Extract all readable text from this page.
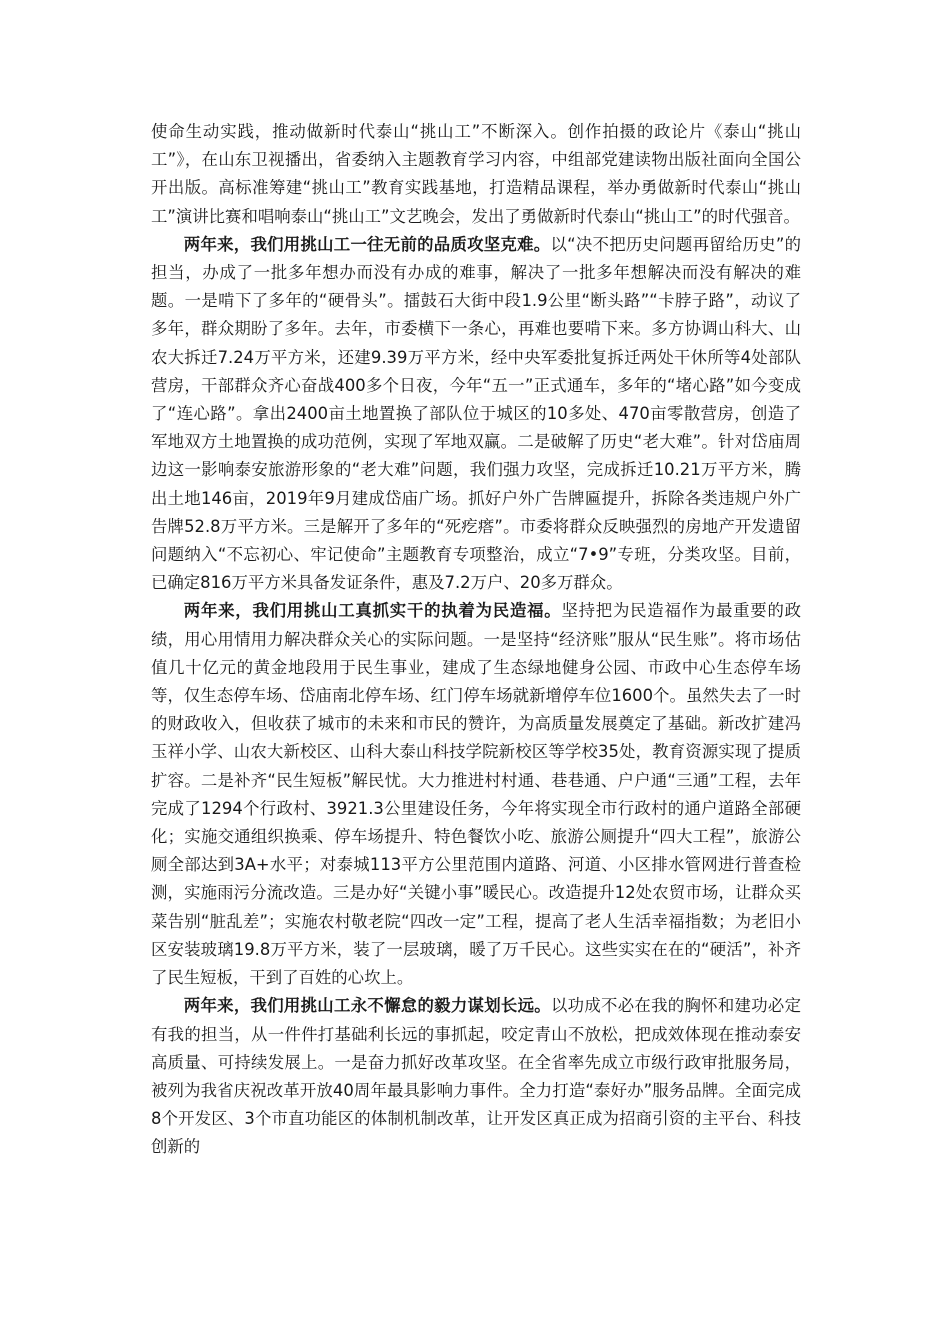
使命生动实践，推动做新时代泰山“挑山工”不断深入。创作拍摄的政论片《泰山“挑山工”》，在山东卫视播出，省委纳入主题教育学习内容，中组部党建读物出版社面向全国公开出版。高标准筹建“挑山工”教育实践基地，打造精品课程，举办勇做新时代泰山“挑山工”演讲比赛和唱响泰山“挑山工”文艺晚会，发出了勇做新时代泰山“挑山工”的时代强音。

两年来，我们用挑山工一往无前的品质攻坚克难。以“决不把历史问题再留给历史”的担当，办成了一批多年想办而没有办成的难事，解决了一批多年想解决而没有解决的难题。一是啃下了多年的“硬骨头”。擂鼓石大街中段1.9公里“断头路”“卡脖子路”，动议了多年，群众期盼了多年。去年，市委横下一条心，再难也要啃下来。多方协调山科大、山农大拆迁7.24万平方米，还建9.39万平方米，经中央军委批复拆迁两处干休所等4处部队营房，干部群众齐心奋战400多个日夜，今年“五一”正式通车，多年的“堵心路”如今变成了“连心路”。拿出2400亩土地置换了部队位于城区的10多处、470亩零散营房，创造了军地双方土地置换的成功范例，实现了军地双赢。二是破解了历史“老大难”。针对岱庙周边这一影响泰安旅游形象的“老大难”问题，我们强力攻坚，完成拆迁10.21万平方米，腾出土地146亩，2019年9月建成岱庙广场。抓好户外广告牌匾提升，拆除各类违规户外广告牌52.8万平方米。三是解开了多年的“死疙瘩”。市委将群众反映强烈的房地产开发遗留问题纳入“不忘初心、牢记使命”主题教育专项整治，成立“7•9”专班，分类攻坚。目前，已确定816万平方米具备发证条件，惠及7.2万户、20多万群众。

两年来，我们用挑山工真抓实干的执着为民造福。坚持把为民造福作为最重要的政绩，用心用情用力解决群众关心的实际问题。一是坚持“经济账”服从“民生账”。将市场估值几十亿元的黄金地段用于民生事业，建成了生态绿地健身公园、市政中心生态停车场等，仅生态停车场、岱庙南北停车场、红门停车场就新增停车位1600个。虽然失去了一时的财政收入，但收获了城市的未来和市民的赞许，为高质量发展奠定了基础。新改扩建冯玉祥小学、山农大新校区、山科大泰山科技学院新校区等学校35处，教育资源实现了提质扩容。二是补齐“民生短板”解民忧。大力推进村村通、巷巷通、户户通“三通”工程，去年完成了1294个行政村、3921.3公里建设任务，今年将实现全市行政村的通户道路全部硬化；实施交通组织换乘、停车场提升、特色餐饮小吃、旅游公厕提升“四大工程”，旅游公厕全部达到3A+水平；对泰城113平方公里范围内道路、河道、小区排水管网进行普查检测，实施雨污分流改造。三是办好“关键小事”暖民心。改造提升12处农贸市场，让群众买菜告别“脏乱差”；实施农村敬老院“四改一定”工程，提高了老人生活幸福指数；为老旧小区安装玻璃19.8万平方米，装了一层玻璃，暖了万千民心。这些实实在在的“硬活”，补齐了民生短板，干到了百姓的心坎上。

两年来，我们用挑山工永不懈怠的毅力谋划长远。以功成不必在我的胸怀和建功必定有我的担当，从一件件打基础利长远的事抓起，咬定青山不放松，把成效体现在推动泰安高质量、可持续发展上。一是奋力抓好改革攻坚。在全省率先成立市级行政审批服务局，被列为我省庆祝改革开放40周年最具影响力事件。全力打造“泰好办”服务品牌。全面完成8个开发区、3个市直功能区的体制机制改革，让开发区真正成为招商引资的主平台、科技创新的
